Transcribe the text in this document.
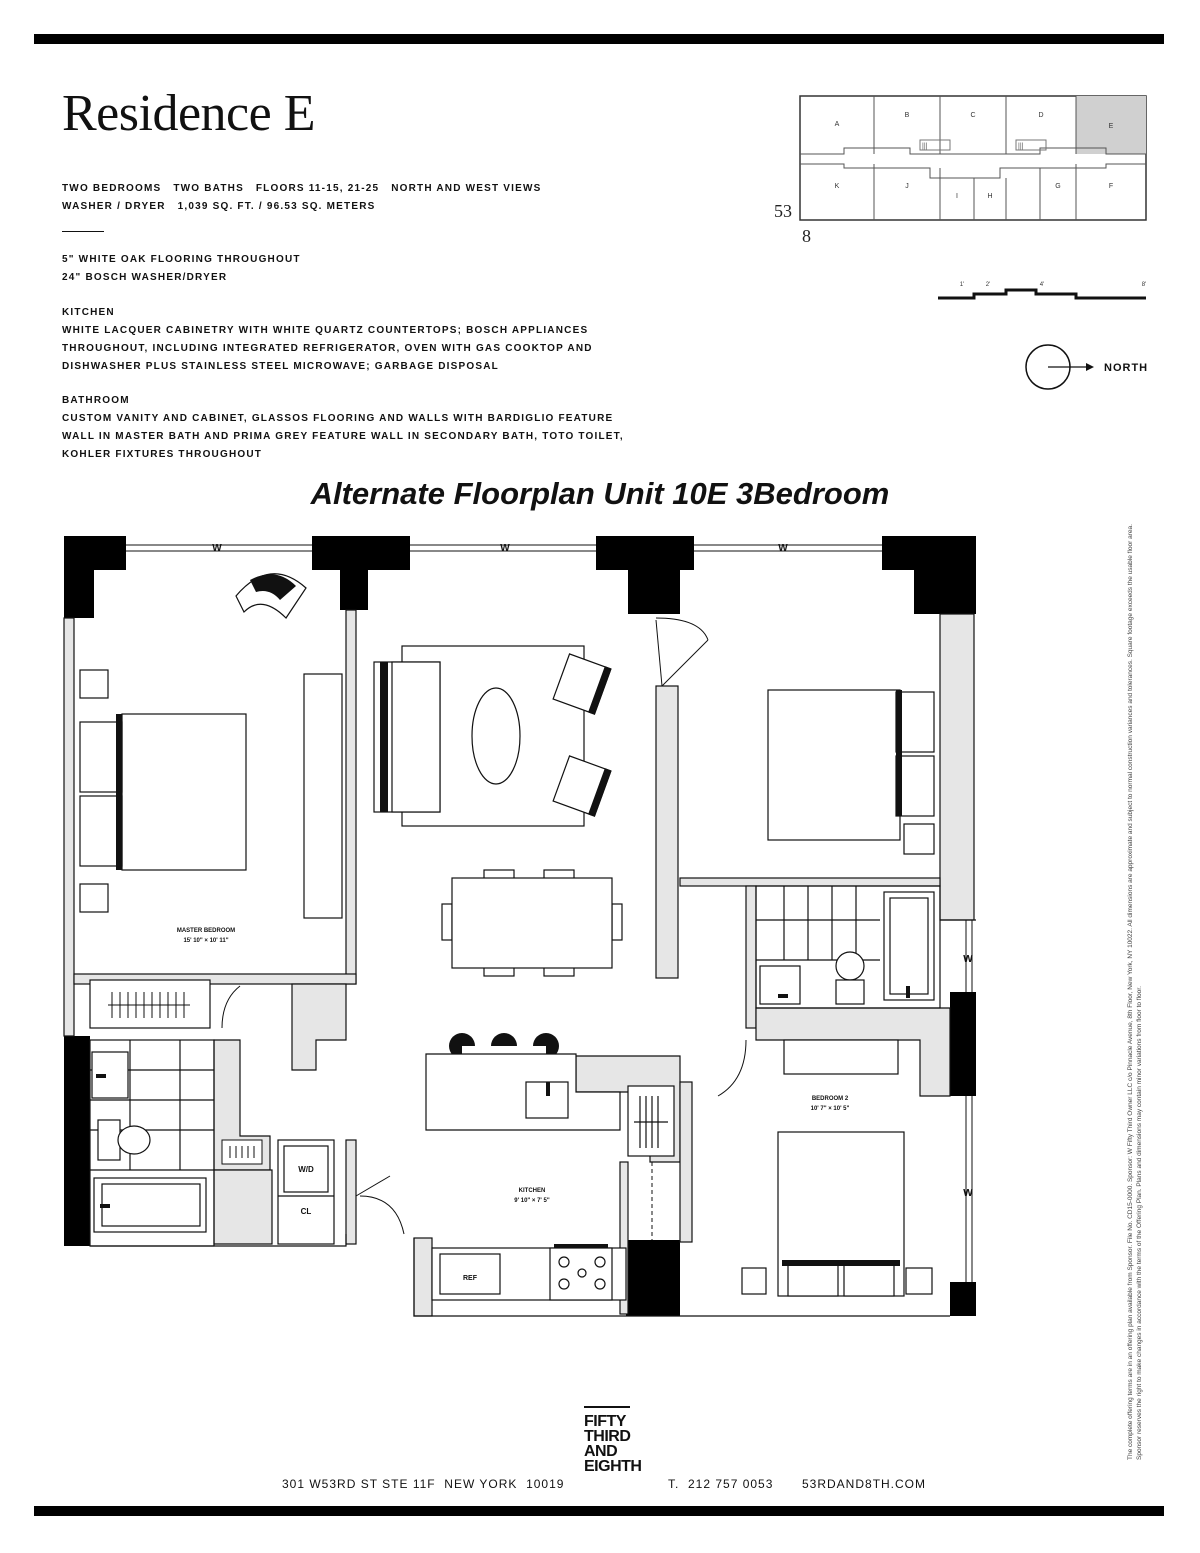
Residence E
TWO BEDROOMS   TWO BATHS   FLOORS 11-15, 21-25   NORTH AND WEST VIEWS
WASHER / DRYER   1,039 SQ. FT. / 96.53 SQ. METERS
5" WHITE OAK FLOORING THROUGHOUT
24" BOSCH WASHER/DRYER
KITCHEN
WHITE LACQUER CABINETRY WITH WHITE QUARTZ COUNTERTOPS; BOSCH APPLIANCES
THROUGHOUT, INCLUDING INTEGRATED REFRIGERATOR, OVEN WITH GAS COOKTOP AND
DISHWASHER PLUS STAINLESS STEEL MICROWAVE; GARBAGE DISPOSAL
BATHROOM
CUSTOM VANITY AND CABINET, GLASSOS FLOORING AND WALLS WITH BARDIGLIO FEATURE
WALL IN MASTER BATH AND PRIMA GREY FEATURE WALL IN SECONDARY BATH, TOTO TOILET,
KOHLER FIXTURES THROUGHOUT
|||	|||
A
B	C	D
E
K	J
I	H
G	F
53
8
1'	2'	4'	8'
NORTH
Alternate Floorplan Unit 10E 3Bedroom
W	W	W
W
W
MASTER BEDROOM
15' 10" × 10' 11"
W/D
CL
KITCHEN
9' 10" × 7' 5"
REF
BEDROOM 2
10' 7" × 10' 5"	The complete offering terms are in an offering plan available from Sponsor. File No. CD15-0000. Sponsor: W Fifty Third Owner LLC c/o Pinnacle Avenue, 8th Floor, New York, NY 10022. All dimensions are approximate and subject to normal construction variances and tolerances. Square footage exceeds the usable floor area. Sponsor reserves the right to make changes in accordance with the terms of the Offering Plan. Plans and dimensions may contain minor variations from floor to floor.
FIFTY
THIRD
AND
EIGHTH
301 W53RD ST STE 11F  NEW YORK  10019	T.  212 757 0053 53RDAND8TH.COM
